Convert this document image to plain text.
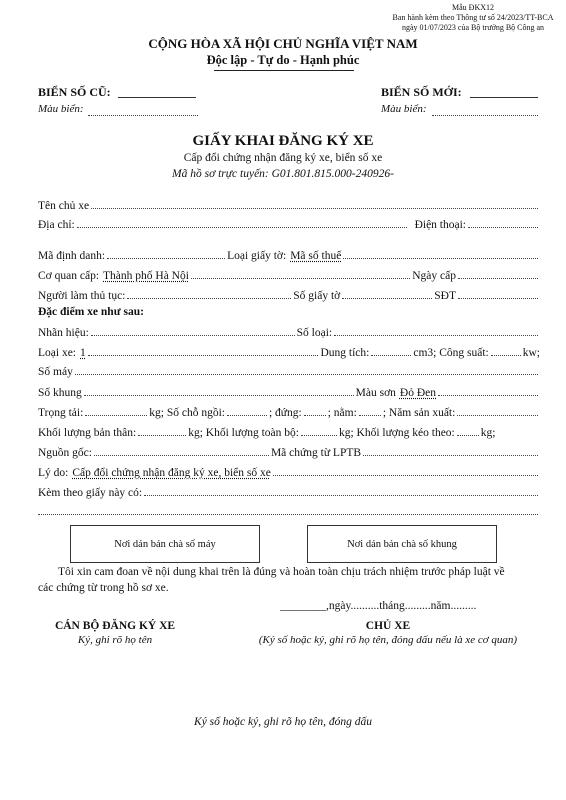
Mẫu ĐKX12
Ban hành kèm theo Thông tư số 24/2023/TT-BCA
ngày 01/07/2023 của Bộ trưởng Bộ Công an
CỘNG HÒA XÃ HỘI CHỦ NGHĨA VIỆT NAM
Độc lập - Tự do - Hạnh phúc
BIỂN SỐ CŨ:
Màu biển:
BIỂN SỐ MỚI:
Màu biển:
GIẤY KHAI ĐĂNG KÝ XE
Cấp đổi chứng nhận đăng ký xe, biển số xe
Mã hồ sơ trực tuyến: G01.801.815.000-240926-
Tên chủ xe
Địa chỉ:	Điện thoại:
Mã định danh:	Loại giấy tờ: Mã số thuế
Cơ quan cấp: Thành phố Hà Nội	Ngày cấp
Người làm thủ tục:	Số giấy tờ	SĐT
Đặc điểm xe như sau:
Nhãn hiệu:	Số loại:
Loại xe: 1	Dung tích:	cm3; Công suất:	kw;
Số máy
Số khung	Màu sơn Đỏ Đen
Trọng tải:	kg; Số chỗ ngồi:	; đứng: ; nằm: ; Năm sản xuất:
Khối lượng bản thân:	kg; Khối lượng toàn bộ:	kg; Khối lượng kéo theo: kg;
Nguồn gốc:	Mã chứng từ LPTB
Lý do: Cấp đổi chứng nhận đăng ký xe, biển số xe
Kèm theo giấy này có:
Nơi dán bản chà số máy	Nơi dán bản chà số khung
Tôi xin cam đoan về nội dung khai trên là đúng và hoàn toàn chịu trách nhiệm trước pháp luật về
các chứng từ trong hồ sơ xe.
________,ngày..........tháng.........năm.........
CÁN BỘ ĐĂNG KÝ XE
Ký, ghi rõ họ tên
CHỦ XE
(Ký số hoặc ký, ghi rõ họ tên, đóng dấu nếu là xe cơ quan)
Ký số hoặc ký, ghi rõ họ tên, đóng dấu
